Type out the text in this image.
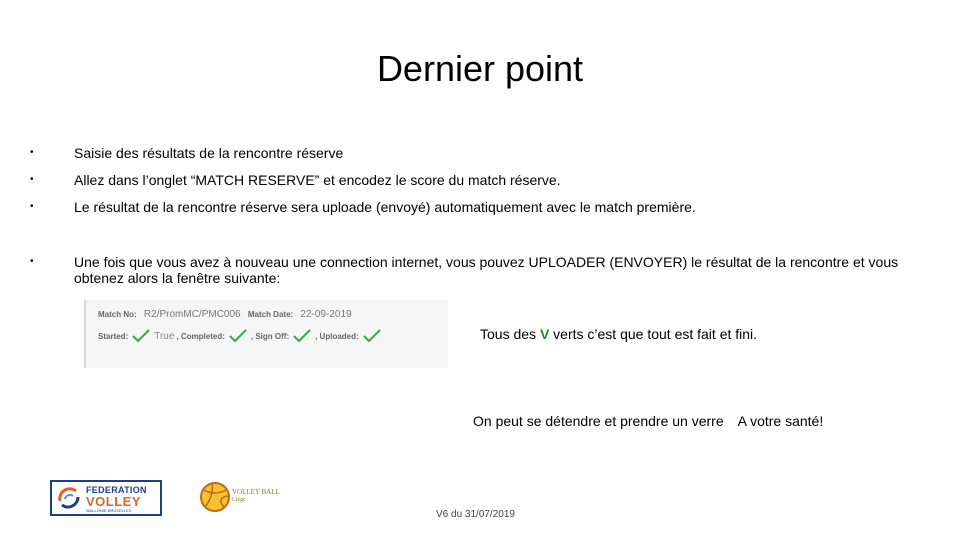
Dernier point
•	Saisie des résultats de la rencontre réserve
•	Allez dans l’onglet “MATCH RESERVE” et encodez le score du match réserve.
•	Le résultat de la rencontre réserve sera uploade (envoyé) automatiquement avec le match première.
•	Une fois que vous avez à nouveau une connection internet, vous pouvez UPLOADER (ENVOYER) le résultat de la rencontre et vous obtenez alors la fenêtre suivante:
Match No: R2/PromMC/PMC006 Match Date: 22-09-2019
Started:	True , Completed:	, Sign Off:	, Uploaded:	Tous des V verts c’est que tout est fait et fini.
On peut se détendre et prendre un verre A votre santé!
FEDERATION
VOLLEY
WALLONIE-BRUXELLES
VOLLEY BALL
Liège
V6 du 31/07/2019
